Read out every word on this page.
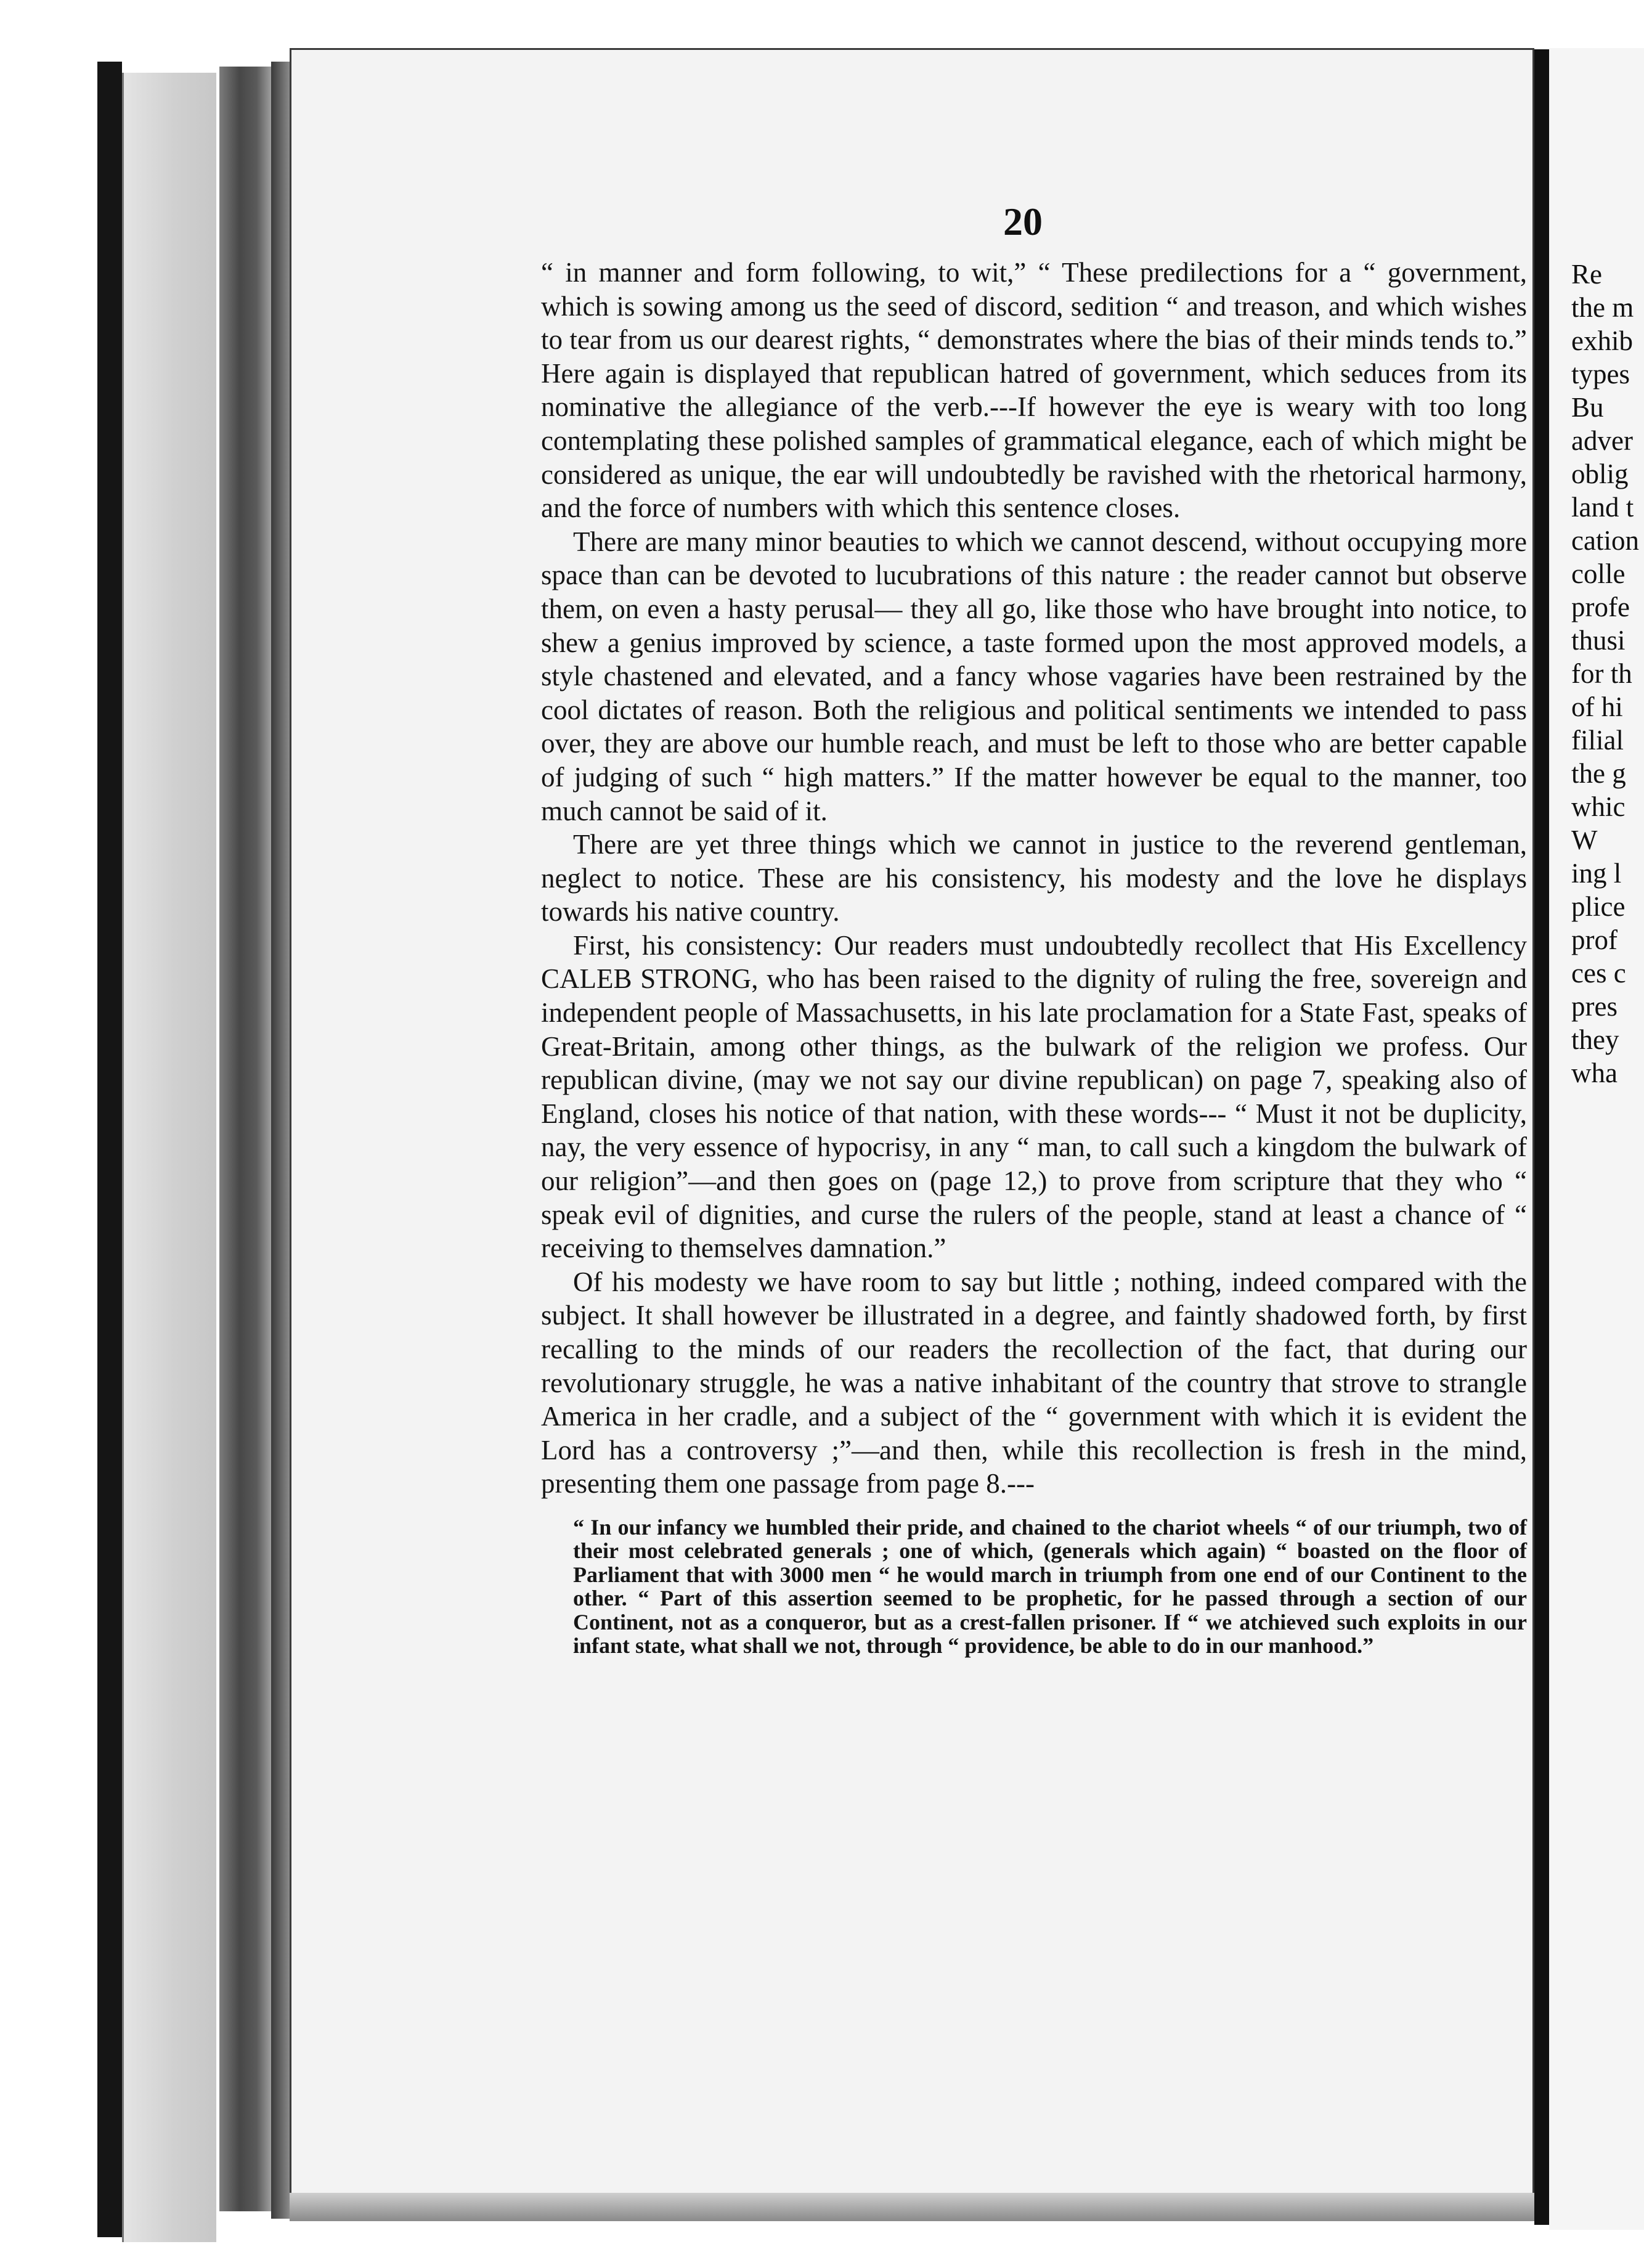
20

“ in manner and form following, to wit,” “ These predilections for a “ government, which is sowing among us the seed of discord, sedition “ and treason, and which wishes to tear from us our dearest rights, “ demonstrates where the bias of their minds tends to.” Here again is displayed that republican hatred of government, which seduces from its nominative the allegiance of the verb.---If however the eye is weary with too long contemplating these polished samples of grammatical elegance, each of which might be considered as unique, the ear will undoubtedly be ravished with the rhetorical harmony, and the force of numbers with which this sentence closes.

There are many minor beauties to which we cannot descend, without occupying more space than can be devoted to lucubrations of this nature : the reader cannot but observe them, on even a hasty perusal— they all go, like those who have brought into notice, to shew a genius improved by science, a taste formed upon the most approved models, a style chastened and elevated, and a fancy whose vagaries have been restrained by the cool dictates of reason. Both the religious and political sentiments we intended to pass over, they are above our humble reach, and must be left to those who are better capable of judging of such “ high matters.” If the matter however be equal to the manner, too much cannot be said of it.

There are yet three things which we cannot in justice to the reverend gentleman, neglect to notice. These are his consistency, his modesty and the love he displays towards his native country.

First, his consistency: Our readers must undoubtedly recollect that His Excellency CALEB STRONG, who has been raised to the dignity of ruling the free, sovereign and independent people of Massachusetts, in his late proclamation for a State Fast, speaks of Great-Britain, among other things, as the bulwark of the religion we profess. Our republican divine, (may we not say our divine republican) on page 7, speaking also of England, closes his notice of that nation, with these words--- “ Must it not be duplicity, nay, the very essence of hypocrisy, in any “ man, to call such a kingdom the bulwark of our religion”—and then goes on (page 12,) to prove from scripture that they who “ speak evil of dignities, and curse the rulers of the people, stand at least a chance of “ receiving to themselves damnation.”

Of his modesty we have room to say but little ; nothing, indeed compared with the subject. It shall however be illustrated in a degree, and faintly shadowed forth, by first recalling to the minds of our readers the recollection of the fact, that during our revolutionary struggle, he was a native inhabitant of the country that strove to strangle America in her cradle, and a subject of the “ government with which it is evident the Lord has a controversy ;”—and then, while this recollection is fresh in the mind, presenting them one passage from page 8.---

“ In our infancy we humbled their pride, and chained to the chariot wheels “ of our triumph, two of their most celebrated generals ; one of which, (generals which again) “ boasted on the floor of Parliament that with 3000 men “ he would march in triumph from one end of our Continent to the other. “ Part of this assertion seemed to be prophetic, for he passed through a section of our Continent, not as a conqueror, but as a crest-fallen prisoner. If “ we atchieved such exploits in our infant state, what shall we not, through “ providence, be able to do in our manhood.”

Re
the m
exhib
types
Bu
adver
oblig
land t
cation
colle
profe
thusi
for th
of hi
filial
the g
whic
W
ing l
plice
prof
ces c
pres
they
wha
